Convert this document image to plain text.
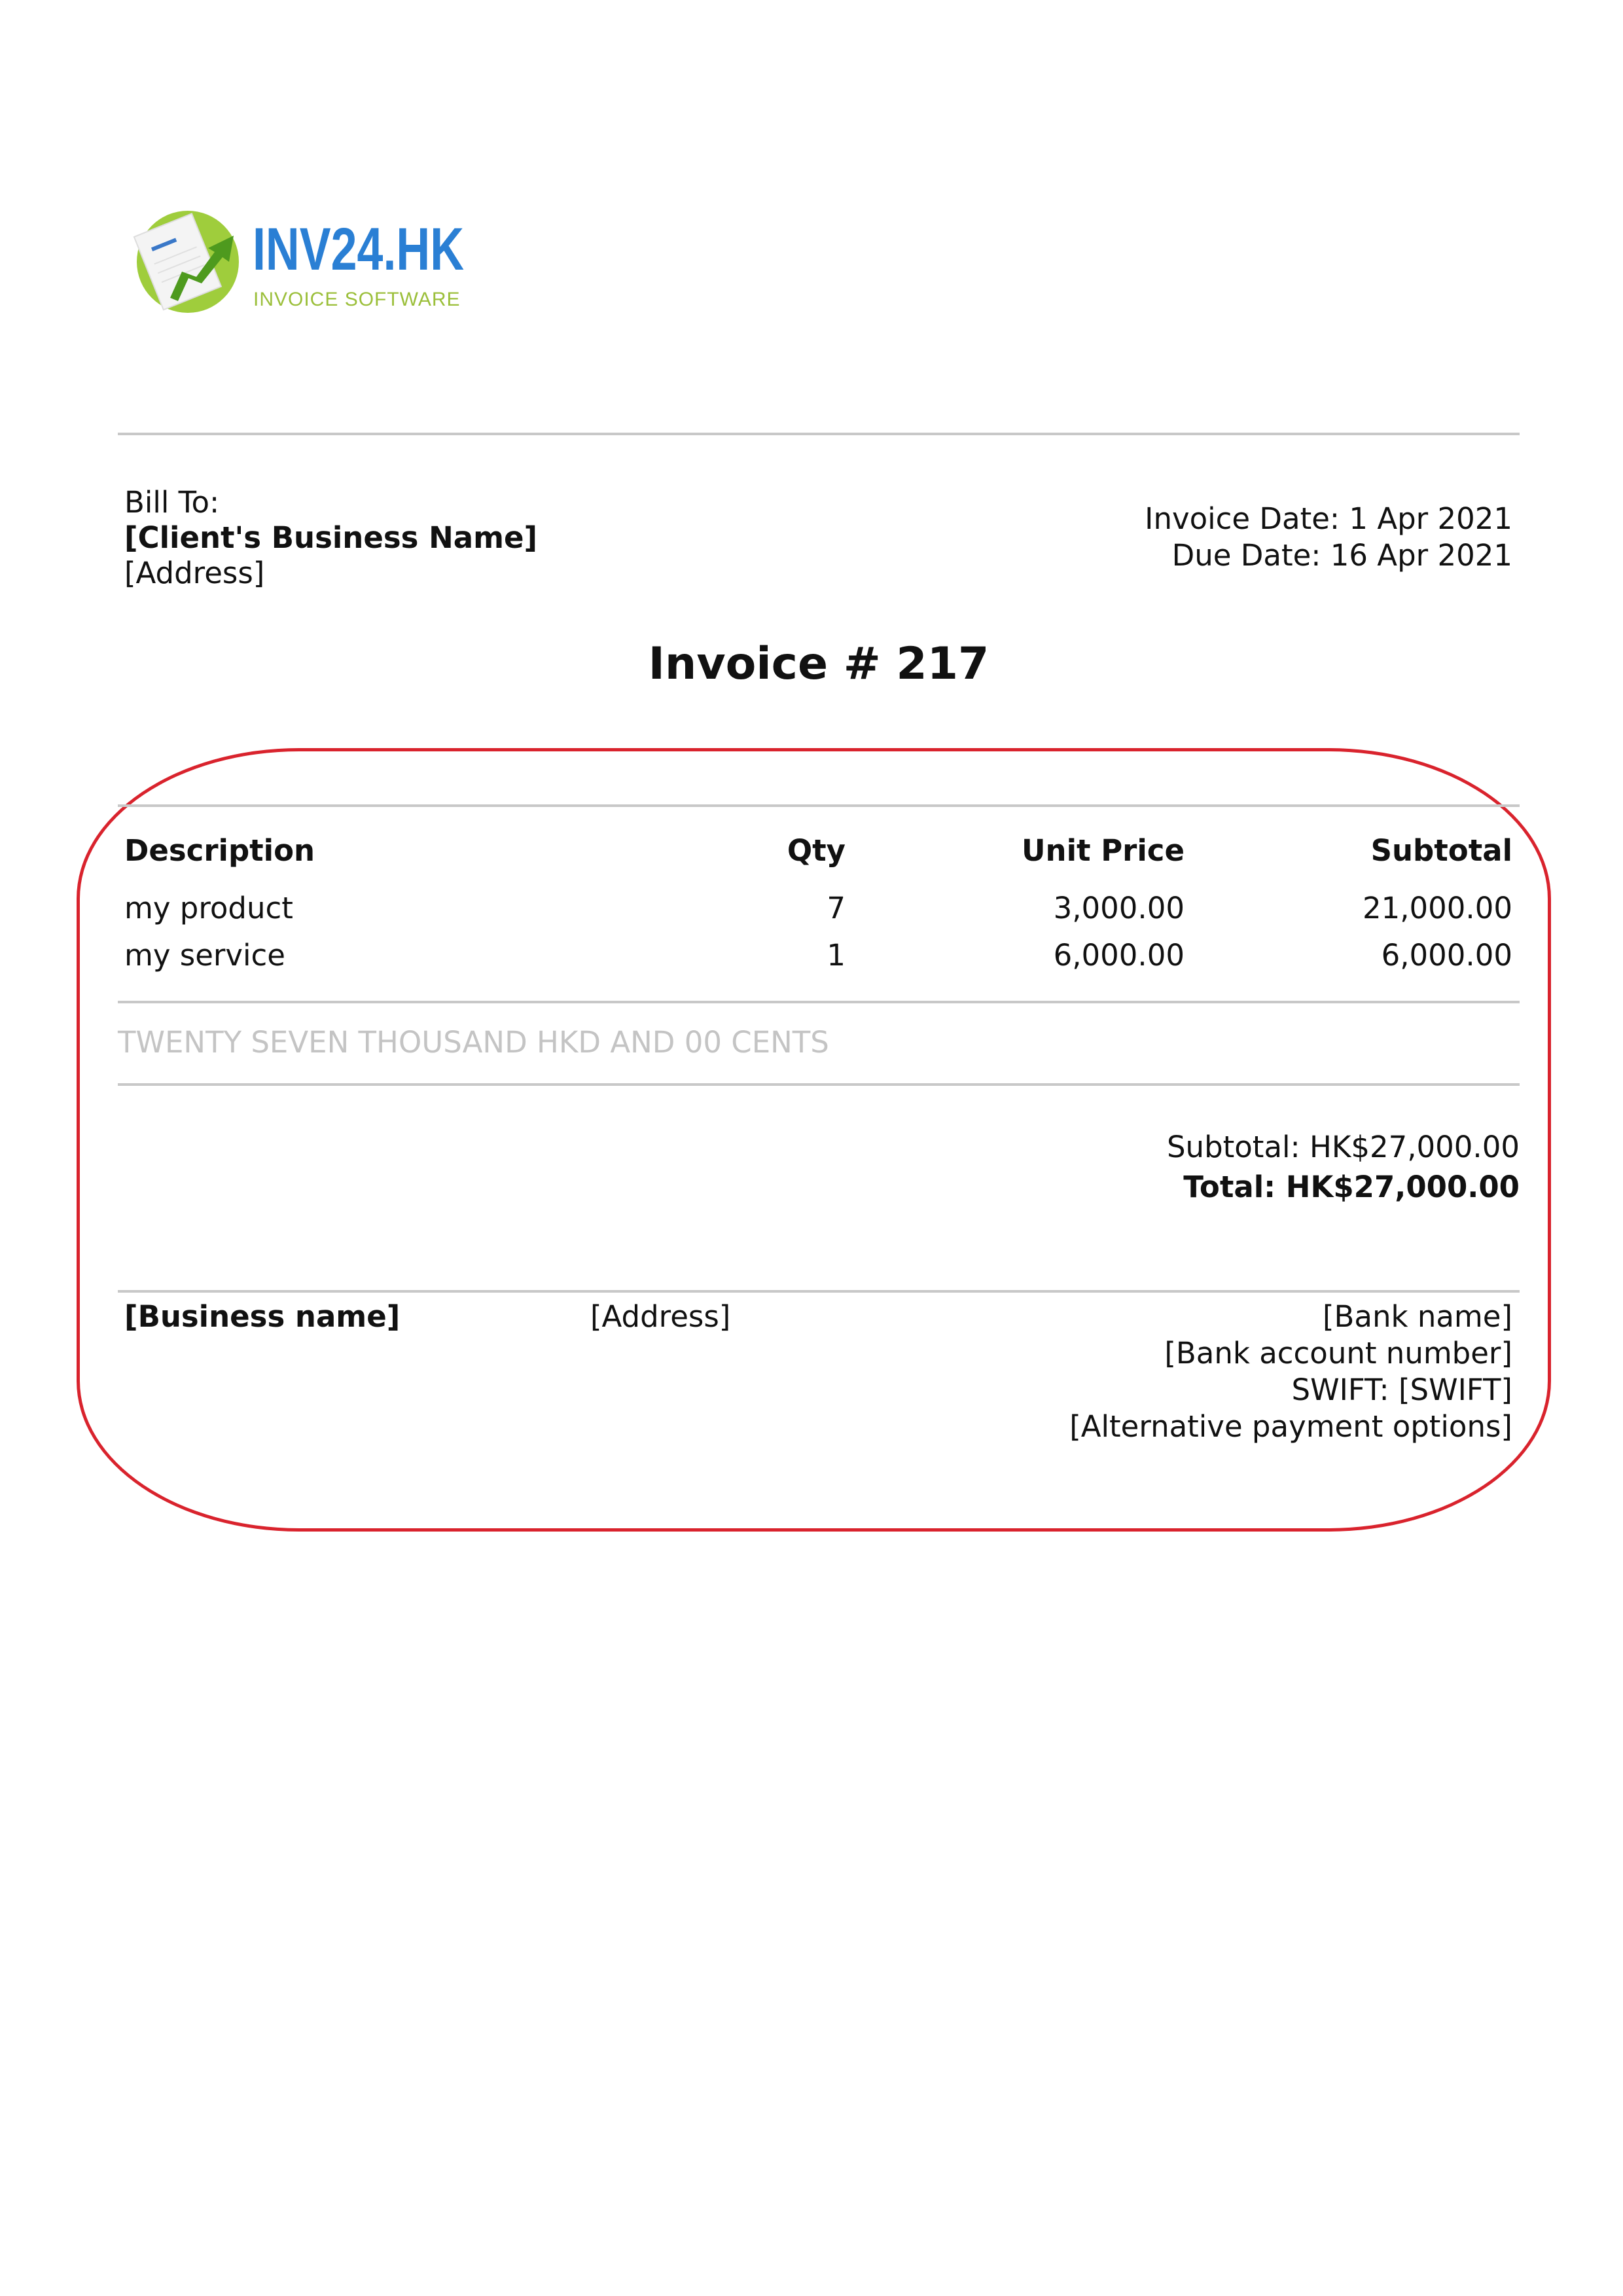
INV24.HK
INVOICE SOFTWARE
Bill To:
[Client's Business Name]
[Address]
Invoice Date: 1 Apr 2021
Due Date: 16 Apr 2021
Invoice # 217
Description	Qty	Unit Price	Subtotal
my product	7	3,000.00	21,000.00
my service	1	6,000.00	6,000.00
TWENTY SEVEN THOUSAND HKD AND 00 CENTS
Subtotal: HK$27,000.00
Total: HK$27,000.00
[Business name]	[Address]	[Bank name]
[Bank account number]
SWIFT: [SWIFT]
[Alternative payment options]
